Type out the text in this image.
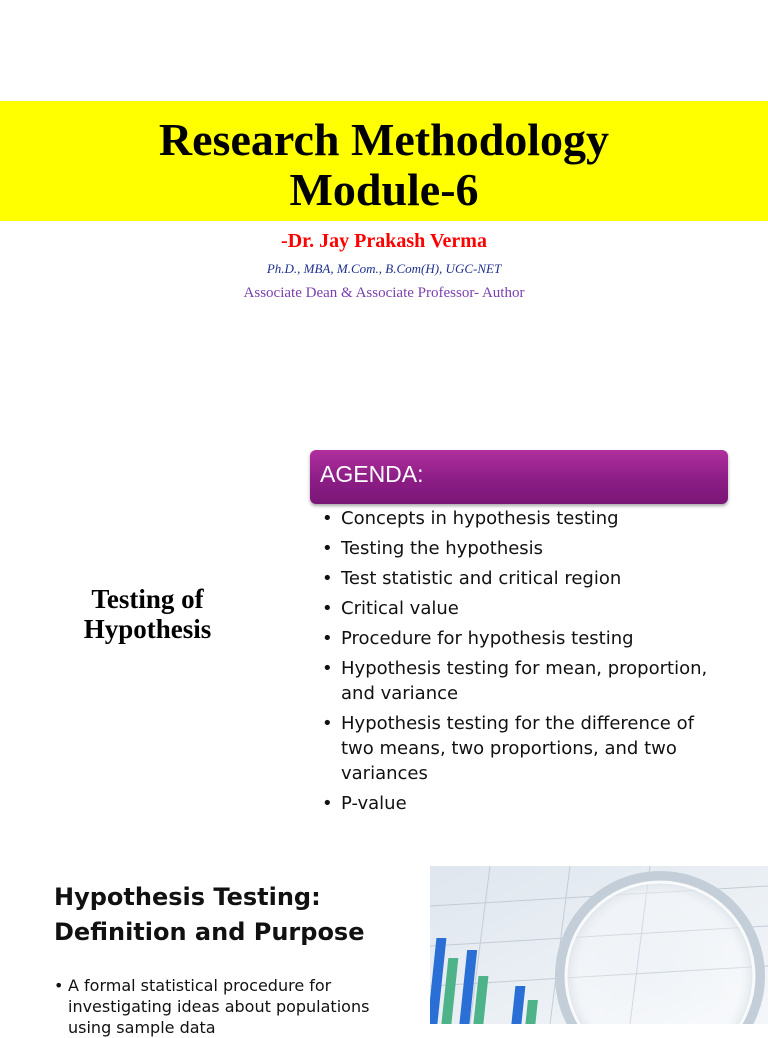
Research Methodology
Module-6
-Dr. Jay Prakash Verma
Ph.D., MBA, M.Com., B.Com(H), UGC-NET
Associate Dean & Associate Professor- Author
Testing of
Hypothesis
AGENDA:
• Concepts in hypothesis testing
• Testing the hypothesis
• Test statistic and critical region
• Critical value
• Procedure for hypothesis testing
• Hypothesis testing for mean, proportion, and variance
• Hypothesis testing for the difference of two means, two proportions, and two variances
• P-value
Hypothesis Testing:
Definition and Purpose
• A formal statistical procedure for investigating ideas about populations using sample data
